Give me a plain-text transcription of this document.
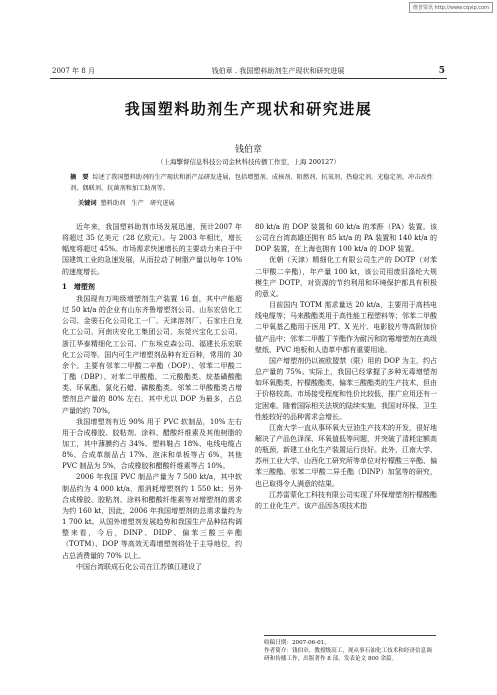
维普资讯 http://www.cqvip.com
2007 年 8 月	钱伯章 . 我国塑料助剂生产现状和研究进展	5
我国塑料助剂生产现状和研究进展
钱伯章
（上海擎督信息科技公司金秋科技传播工作室，上海 200127）
摘　要 综述了我国塑料助剂的生产现状和新产品研发进展，包括增塑剂、成核剂、阻燃剂、抗氧剂、热稳定剂、光稳定剂、冲击改性剂、偶联剂、抗菌剂和加工助剂等。
关键词 塑料助剂　生产　研究进展

近年来，我国塑料助剂市场发展迅速，预计2007 年将超过 35 亿美元（28 亿欧元）。与 2003 年相比，增长幅度将超过 45%。市场需求快速增长的主要动力来自于中国建筑工业的急速发展，从而拉动了树脂产量以每年 10% 的速度增长。

1　增塑剂

我国现有万吨级增塑剂生产装置 16 套，其中产能超过 50 kt/a 的企业有山东齐鲁增塑剂公司、山东宏信化工公司、金骏石化公司化工一厂、天津溶剂厂、石家庄白龙化工公司、河南庆安化工集团公司、东莞兴宝化工公司、浙江华泰精细化工公司、广东埃克森公司、福建长乐宏联化工公司等。国内可生产增塑剂品种有近百种，常用的 30 余个。主要有邻苯二甲酸二辛酯（DOP）、邻苯二甲酸二丁酯（DBP）、对苯二甲酸酯、二元酸酯类、烷基磺酸酯类、环氧酯、氯化石蜡、磷酸酯类。邻苯二甲酸酯类占增塑剂总产量的 80% 左右，其中尤以 DOP 为最多，占总产量的约 70%。

我国增塑剂有近 90% 用于 PVC 软制品，10% 左右用于合成橡胶、胶粘剂、涂料、醋酸纤维素及其他树脂的加工，其中薄膜约占 34%、塑料鞋占 18%、电线电缆占 8%、合成革制品占 17%、泡沫和单板等占 6%，其他 PVC 制品为 5%，合成橡胶和醋酸纤维素等占 10%。

2006 年我国 PVC 制品产量为 7 500 kt/a，其中软制品约为 4 000 kt/a，需消耗增塑剂约 1 550 kt；另外合成橡胶、胶粘剂、涂料和醋酸纤维素等对增塑剂的需求为约 160 kt，因此，2006 年我国增塑剂的总需求量约为 1 700 kt。从国外增塑剂发展趋势和我国生产品种结构调整来看，今后，DINP、DIDP、偏苯三酸三辛酯（TOTM）、DOP 等高效无毒增塑剂将处于主导地位，约占总消费量的 70% 以上。

中国台湾联成石化公司在江苏镇江建设了

80 kt/a 的 DOP 装置和 60 kt/a 的苯酐（PA）装置。该公司在台湾高雄还拥有 85 kt/a 的 PA 装置和 140 kt/a 的 DOP 装置，在上海也拥有 100 kt/a 的 DOP 装置。

优朝（天津）精细化工有限公司生产的 DOTP（对苯二甲酸二辛酯），年产量 100 kt，该公司用废旧涤纶大规模生产 DOTP，对资源的节约利用和环境保护都具有积极的意义。

目前国内 TOTM 需求量达 20 kt/a，主要用于高档电线电缆等；马来酸酯类用于高性能工程塑料等；邻苯二甲酸二甲氧基乙酯用于医用 PT、X 光片、电影胶片等高附加价值产品中；邻苯二甲酸丁苄酯作为耐污和防霉增塑剂在高级壁纸、PVC 地板和人造革中都有重要用途。

国产增塑剂仍以被欧盟禁（限）用的 DOP 为主，约占总产量的 75%。实际上，我国已经掌握了多种无毒增塑剂如环氧酯类、柠檬酸酯类、偏苯三酸酯类的生产技术，但由于价格较高、市场接受程度和性价比较低，推广应用还有一定困难。随着国际相关法规的陆续实施，我国对环保、卫生性能较好的品种需求会增长。

江南大学一直从事环氧大豆油生产技术的开发，很好地解决了产品色泽深、环氧值低等问题，并突破了清耗定额高的瓶颈，新建工业化生产装置运行良好。此外，江南大学、苏州工业大学、山西化工研究所等单位对柠檬酸三辛酯、偏苯三酸酯、邻苯二甲酸二异壬酯（DINP）加氢等的研究，也已取得令人满意的结果。

江苏雷蒙化工科技有限公司实现了环保增塑剂柠檬酸酯的工业化生产。该产品因各项技术指

收稿日期：2007-06-01。
作者简介：钱伯章，教授级高工，现从事石油化工技术和经济信息调研和传播工作，出版著作 8 部，发表论文 800 余篇。
